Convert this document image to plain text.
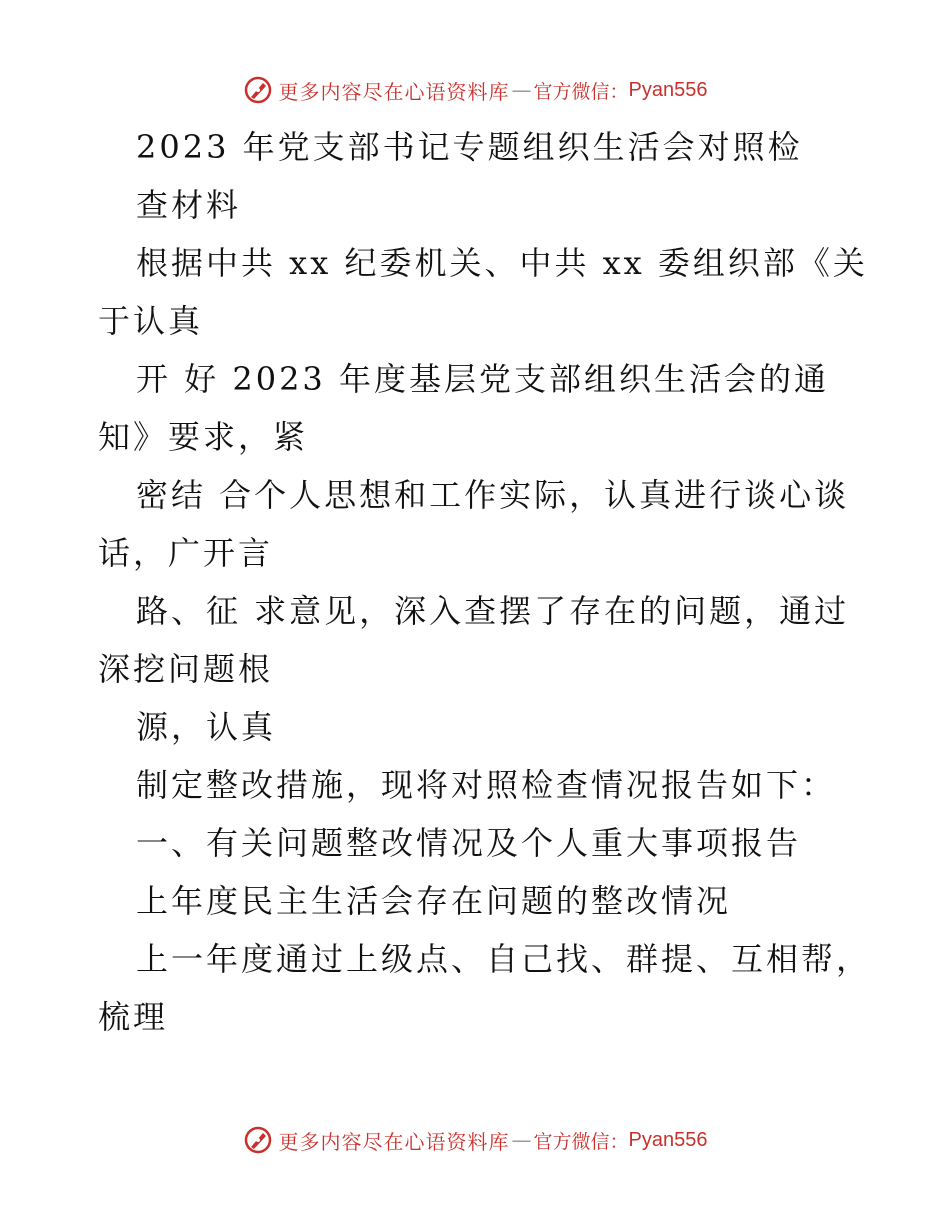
更多内容尽在心语资料库 — 官方微信： Pyan556

2023 年党支部书记专题组织生活会对照检

查材料

根据中共 xx 纪委机关、中共 xx 委组织部《关
于认真

开 好 2023 年度基层党支部组织生活会的通
知》要求，紧

密结 合个人思想和工作实际，认真进行谈心谈
话，广开言

路、征 求意见，深入查摆了存在的问题，通过
深挖问题根

源，认真

制定整改措施，现将对照检查情况报告如下：

一、有关问题整改情况及个人重大事项报告

上年度民主生活会存在问题的整改情况

上一年度通过上级点、自己找、群提、互相帮，
梳理

更多内容尽在心语资料库 — 官方微信： Pyan556
